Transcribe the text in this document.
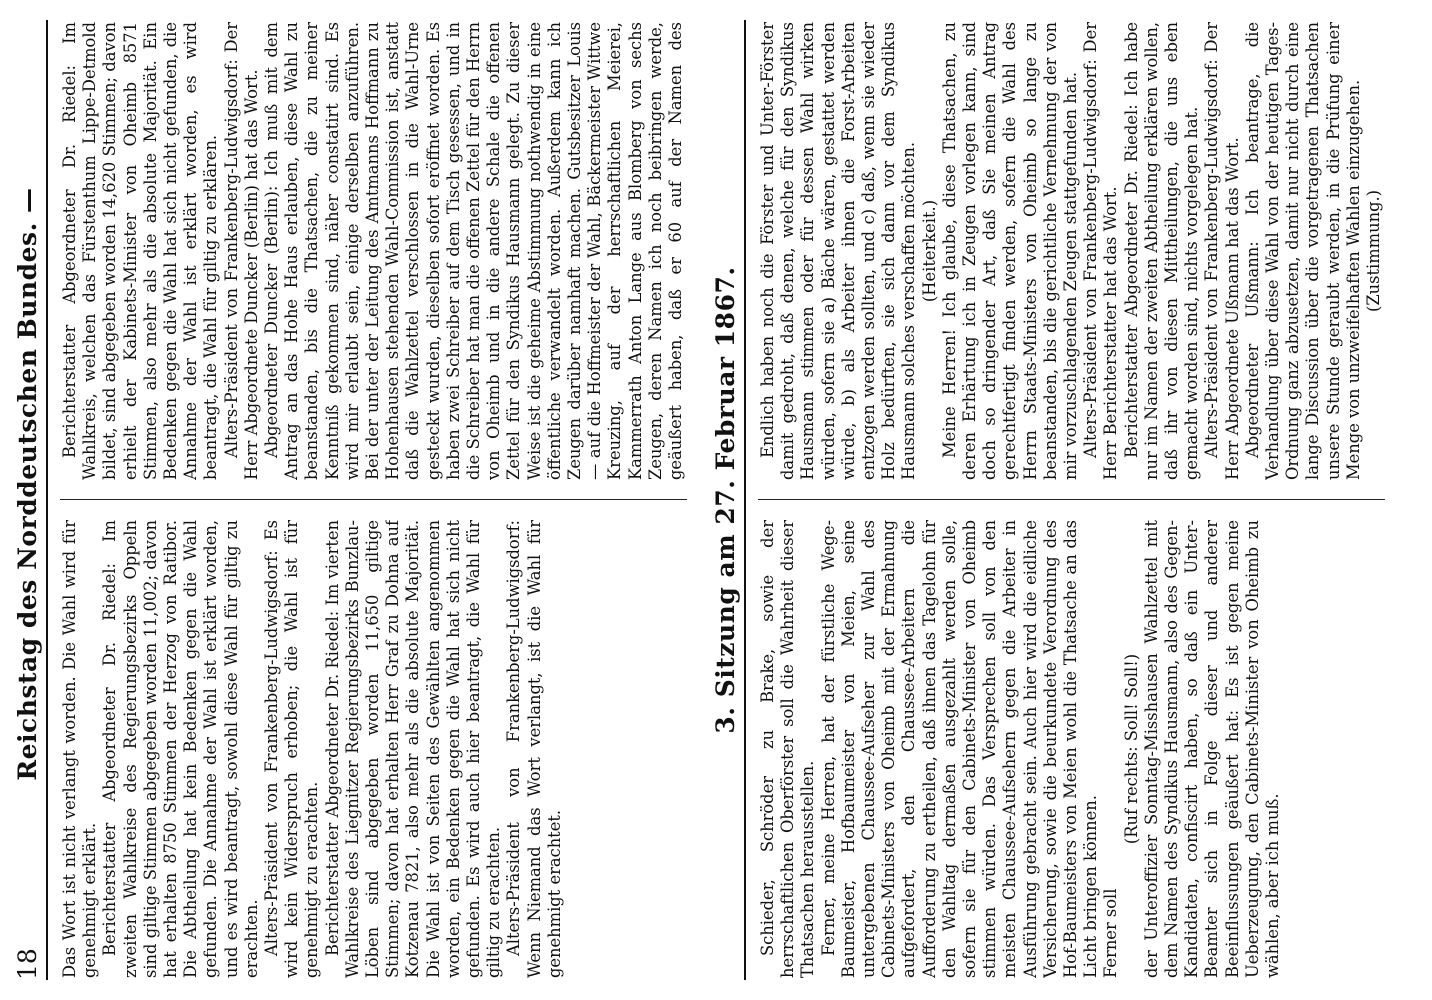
18
Reichstag des Norddeutschen Bundes. — Das Wort ist nicht verlangt worden. Die Wahl wird für genehmigt erklärt. Berichterstatter Abgeordneter Dr. Riedel: Im zweiten Wahlkreise des Regierungsbezirks Oppeln sind giltige Stimmen abgegeben worden 11,002; davon hat erhalten 8750 Stimmen der Herzog von Ratibor. Die Abtheilung hat kein Bedenken gegen die Wahl gefunden. Die Annahme der Wahl ist erklärt worden, und es wird beantragt, sowohl diese Wahl für giltig zu erachten. Alters-Präsident von Frankenberg-Ludwigsdorf: Es wird kein Widerspruch erhoben; die Wahl ist für genehmigt zu erachten. Berichterstatter Abgeordneter Dr. Riedel: Im vierten Wahlkreise des Liegnitzer Regierungsbezirks Bunzlau-Löben sind abgegeben worden 11,650 giltige Stimmen; davon hat erhalten Herr Graf zu Dohna auf Kotzenau 7821, also mehr als die absolute Majorität. Die Wahl ist von Seiten des Gewählten angenommen worden, ein Bedenken gegen die Wahl hat sich nicht gefunden. Es wird auch hier beantragt, die Wahl für giltig zu erachten. Alters-Präsident von Frankenberg-Ludwigsdorf: Wenn Niemand das Wort verlangt, ist die Wahl für genehmigt erachtet.

Berichterstatter Abgeordneter Dr. Riedel: Im Wahlkreis, welchen das Fürstenthum Lippe-Detmold bildet, sind abgegeben worden 14,620 Stimmen; davon erhielt der Kabinets-Minister von Oheimb 8571 Stimmen, also mehr als die absolute Majorität. Ein Bedenken gegen die Wahl hat sich nicht gefunden, die Annahme der Wahl ist erklärt worden, es wird beantragt, die Wahl für giltig zu erklären. Alters-Präsident von Frankenberg-Ludwigsdorf: Der Herr Abgeordnete Duncker (Berlin) hat das Wort. Abgeordneter Duncker (Berlin): Ich muß mit dem Antrag an das Hohe Haus erlauben, diese Wahl zu beanstanden, bis die Thatsachen, die zu meiner Kenntniß gekommen sind, näher constatirt sind. Es wird mir erlaubt sein, einige derselben anzuführen. Bei der unter der Leitung des Amtmanns Hoffmann zu Hohenhausen stehenden Wahl-Commission ist, anstatt daß die Wahlzettel verschlossen in die Wahl-Urne gesteckt wurden, dieselben sofort eröffnet worden. Es haben zwei Schreiber auf dem Tisch gesessen, und in die Schreiber hat man die offenen Zettel für den Herrn von Oheimb und in die andere Schale die offenen Zettel für den Syndikus Hausmann gelegt. Zu dieser Weise ist die geheime Abstimmung nothwendig in eine öffentliche verwandelt worden. Außerdem kann ich Zeugen darüber namhaft machen. Gutsbesitzer Louis — auf die Hoffmeister der Wahl, Bäckermeister Wittwe Kreuzing, auf der herrschaftlichen Meierei, Kammerrath Anton Lange aus Blomberg von sechs Zeugen, deren Namen ich noch beibringen werde, geäußert haben, daß er 60 auf der Namen des

3. Sitzung am 27. Februar 1867.

Schieder, Schröder zu Brake, sowie der herrschaftlichen Oberförster soll die Wahrheit dieser Thatsachen herausstellen. Ferner, meine Herren, hat der fürstliche Wege-Baumeister, Hofbaumeister von Meien, seine untergebenen Chaussee-Aufseher zur Wahl des Cabinets-Ministers von Oheimb mit der Ermahnung aufgefordert, den Chaussee-Arbeitern die Aufforderung zu ertheilen, daß ihnen das Tagelohn für den Wahltag dermaßen ausgezahlt werden solle, sofern sie für den Cabinets-Minister von Oheimb stimmen würden. Das Versprechen soll von den meisten Chaussee-Aufsehern gegen die Arbeiter in Ausführung gebracht sein. Auch hier wird die eidliche Versicherung, sowie die beurkundete Verordnung des Hof-Baumeisters von Meien wohl die Thatsache an das Licht bringen können. Ferner soll

(Ruf rechts: Soll! Soll!) der Unteroffizier Sonntag-Misshausen Wahlzettel mit dem Namen des Syndikus Hausmann, also des Gegen-Kandidaten, confiscirt haben, so daß ein Unter-Beamter sich in Folge dieser und anderer Beeinflussungen geäußert hat: Es ist gegen meine Ueberzeugung, den Cabinets-Minister von Oheimb zu wählen, aber ich muß.

Endlich haben noch die Förster und Unter-Förster damit gedroht, daß denen, welche für den Syndikus Hausmann stimmen oder für dessen Wahl wirken würden, sofern sie a) Bäche wären, gestattet werden würde, b) als Arbeiter ihnen die Forst-Arbeiten entzogen werden sollten, und c) daß, wenn sie wieder Holz bedürften, sie sich dann vor dem Syndikus Hausmann solches verschaffen möchten. (Heiterkeit.) Meine Herren! Ich glaube, diese Thatsachen, zu deren Erhärtung ich in Zeugen vorlegen kann, sind doch so dringender Art, daß Sie meinen Antrag gerechtfertigt finden werden, sofern die Wahl des Herrn Staats-Ministers von Oheimb so lange zu beanstanden, bis die gerichtliche Vernehmung der von mir vorzuschlagenden Zeugen stattgefunden hat. Alters-Präsident von Frankenberg-Ludwigsdorf: Der Herr Berichterstatter hat das Wort. Berichterstatter Abgeordneter Dr. Riedel: Ich habe nur im Namen der zweiten Abtheilung erklären wollen, daß ihr von diesen Mittheilungen, die uns eben gemacht worden sind, nichts vorgelegen hat. Alters-Präsident von Frankenberg-Ludwigsdorf: Der Herr Abgeordnete Ußmann hat das Wort. Abgeordneter Ußmann: Ich beantrage, die Verhandlung über diese Wahl von der heutigen Tages-Ordnung ganz abzusetzen, damit nur nicht durch eine lange Discussion über die vorgetragenen Thatsachen unsere Stunde geraubt werden, in die Prüfung einer Menge von unzweifelhaften Wahlen einzugehen. (Zustimmung.)
